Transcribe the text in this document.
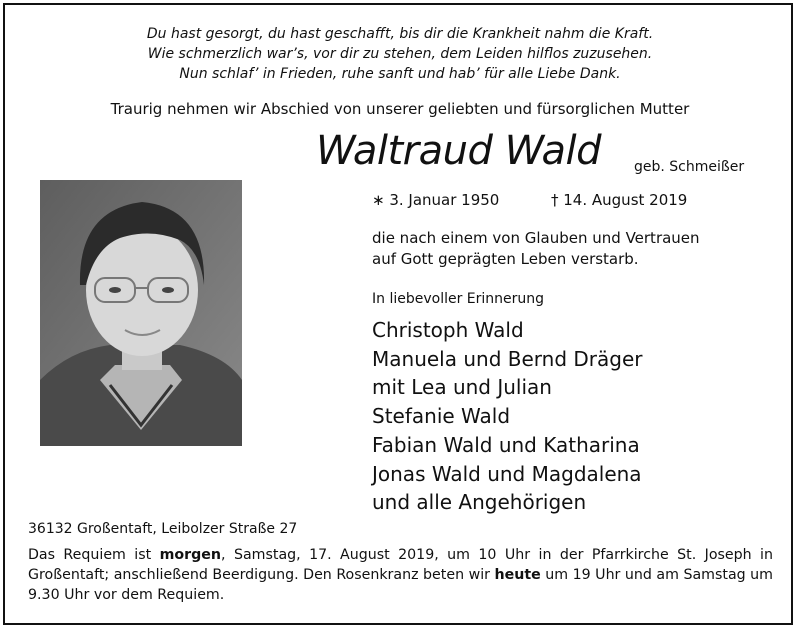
Du hast gesorgt, du hast geschafft, bis dir die Krankheit nahm die Kraft.
Wie schmerzlich war’s, vor dir zu stehen, dem Leiden hilflos zuzusehen.
Nun schlaf’ in Frieden, ruhe sanft und hab’ für alle Liebe Dank.
Traurig nehmen wir Abschied von unserer geliebten und fürsorglichen Mutter
Waltraud Wald geb. Schmeißer
∗ 3. Januar 1950	† 14. August 2019
die nach einem von Glauben und Vertrauen
auf Gott geprägten Leben verstarb.
In liebevoller Erinnerung
Christoph Wald
Manuela und Bernd Dräger
mit Lea und Julian
Stefanie Wald
Fabian Wald und Katharina
Jonas Wald und Magdalena
und alle Angehörigen
36132 Großentaft, Leibolzer Straße 27
Das Requiem ist morgen, Samstag, 17. August 2019, um 10 Uhr in der Pfarrkirche St. Joseph in Großentaft; anschließend Beerdigung. Den Rosenkranz beten wir heute um 19 Uhr und am Samstag um 9.30 Uhr vor dem Requiem.
